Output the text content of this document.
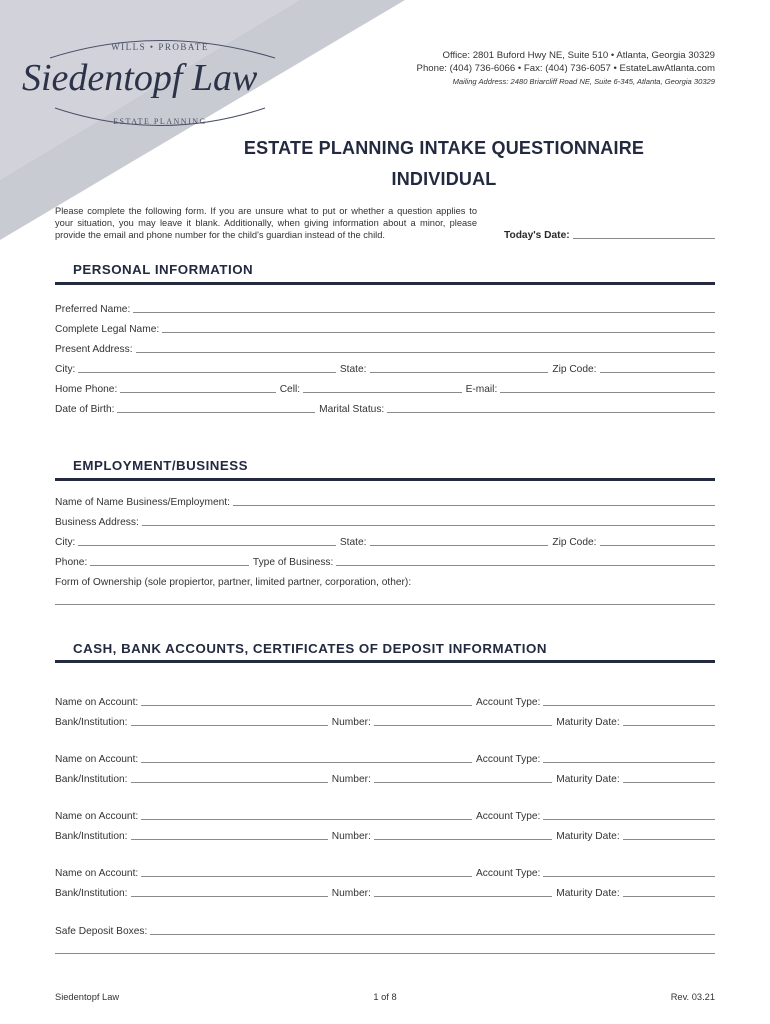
WILLS • PROBATE
Siedentopf Law
ESTATE PLANNING
Office: 2801 Buford Hwy NE, Suite 510 • Atlanta, Georgia 30329
Phone: (404) 736-6066 • Fax: (404) 736-6057 • EstateLawAtlanta.com
Mailing Address: 2480 Briarcliff Road NE, Suite 6-345, Atlanta, Georgia 30329
ESTATE PLANNING INTAKE QUESTIONNAIRE
INDIVIDUAL
Please complete the following form. If you are unsure what to put or whether a question applies to your situation, you may leave it blank. Additionally, when giving information about a minor, please provide the email and phone number for the child's guardian instead of the child.	Today's Date:
PERSONAL INFORMATION
Preferred Name:
Complete Legal Name:
Present Address:
City:	State:	Zip Code:
Home Phone:	Cell:	E-mail:
Date of Birth:	Marital Status:
EMPLOYMENT/BUSINESS
Name of Name Business/Employment:
Business Address:
City:	State:	Zip Code:
Phone:	Type of Business:
Form of Ownership (sole propiertor, partner, limited partner, corporation, other):
CASH, BANK ACCOUNTS, CERTIFICATES OF DEPOSIT INFORMATION
Name on Account:	Account Type:
Bank/Institution:	Number:	Maturity Date:
Name on Account:	Account Type:
Bank/Institution:	Number:	Maturity Date:
Name on Account:	Account Type:
Bank/Institution:	Number:	Maturity Date:
Name on Account:	Account Type:
Bank/Institution:	Number:	Maturity Date:
Safe Deposit Boxes:
Siedentopf Law	1 of 8	Rev. 03.21
